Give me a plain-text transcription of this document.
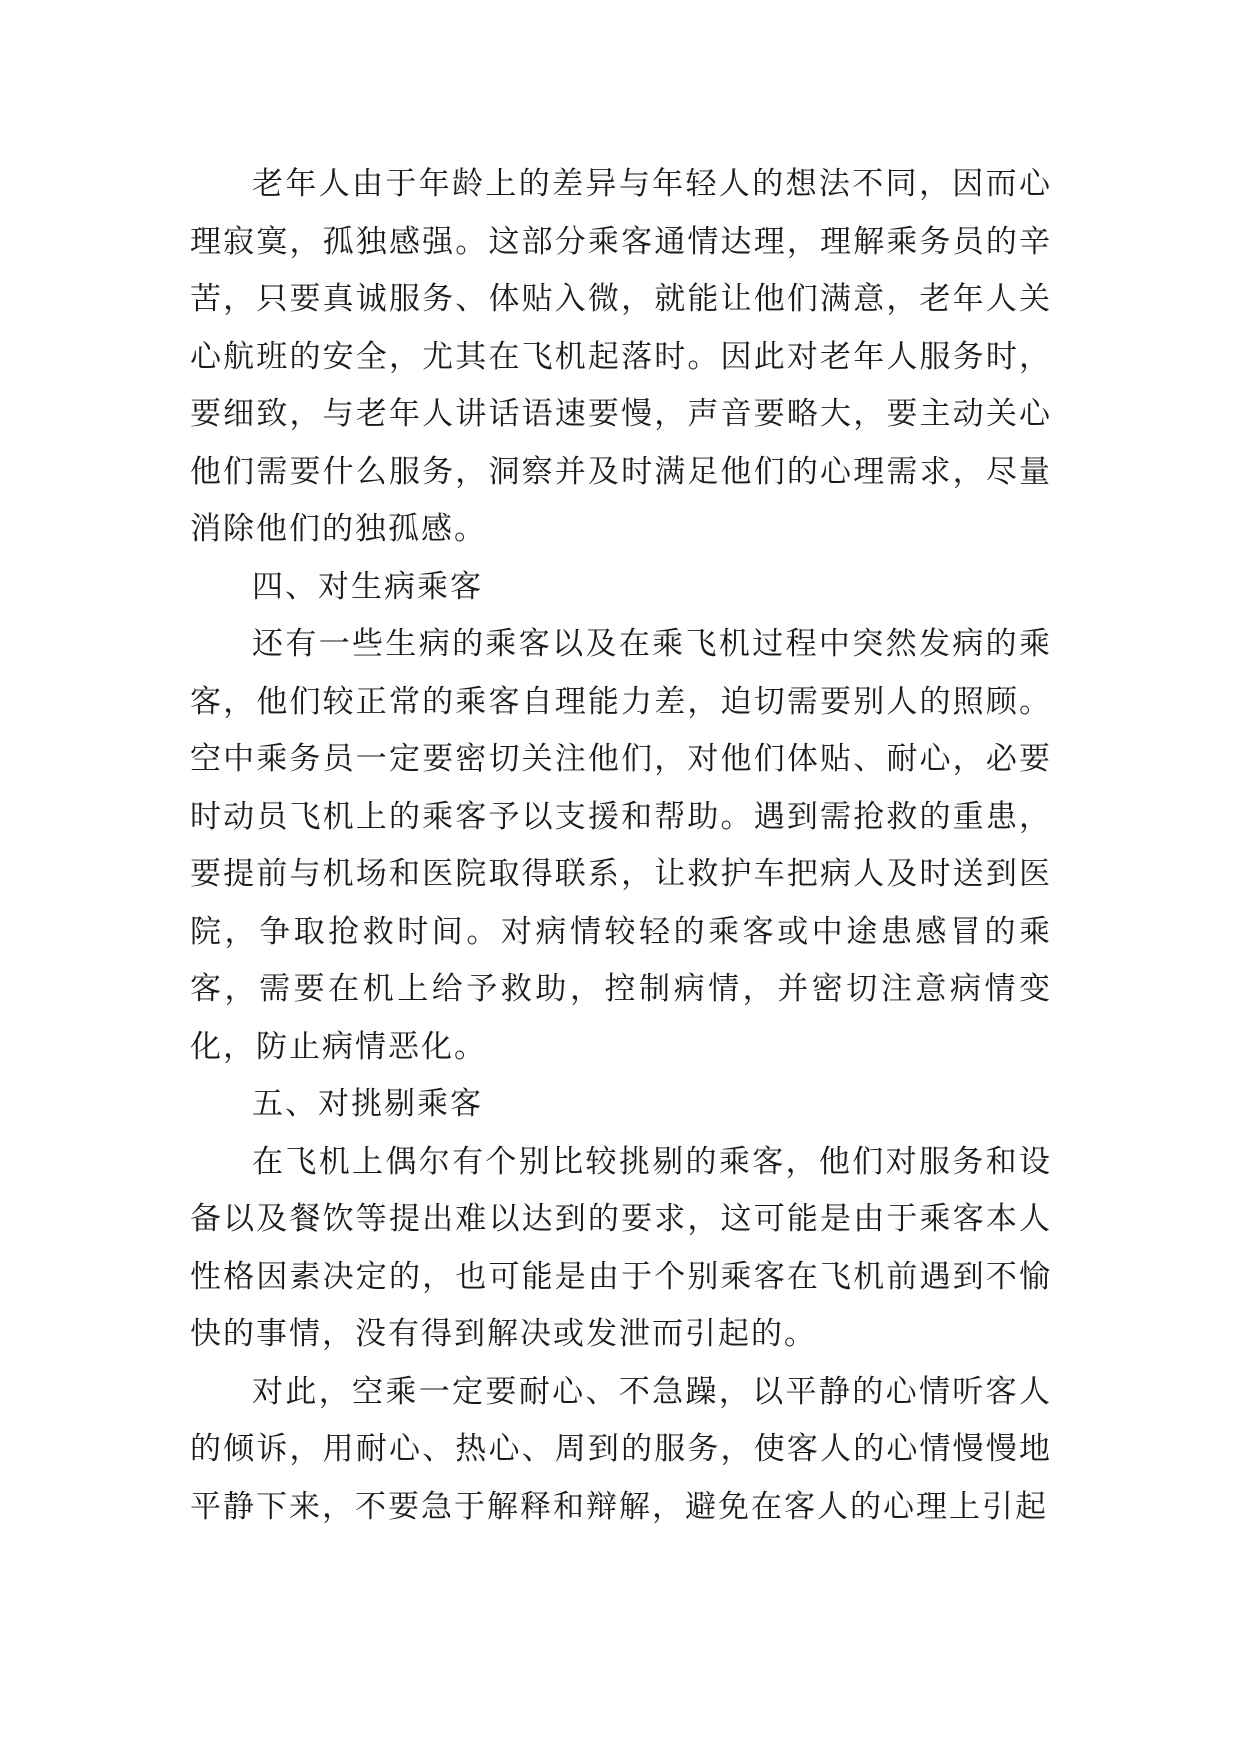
老年人由于年龄上的差异与年轻人的想法不同，因而心理寂寞，孤独感强。这部分乘客通情达理，理解乘务员的辛苦，只要真诚服务、体贴入微，就能让他们满意，老年人关心航班的安全，尤其在飞机起落时。因此对老年人服务时，要细致，与老年人讲话语速要慢，声音要略大，要主动关心他们需要什么服务，洞察并及时满足他们的心理需求，尽量消除他们的独孤感。

四、对生病乘客

还有一些生病的乘客以及在乘飞机过程中突然发病的乘客，他们较正常的乘客自理能力差，迫切需要别人的照顾。空中乘务员一定要密切关注他们，对他们体贴、耐心，必要时动员飞机上的乘客予以支援和帮助。遇到需抢救的重患，要提前与机场和医院取得联系，让救护车把病人及时送到医院，争取抢救时间。对病情较轻的乘客或中途患感冒的乘客，需要在机上给予救助，控制病情，并密切注意病情变化，防止病情恶化。

五、对挑剔乘客

在飞机上偶尔有个别比较挑剔的乘客，他们对服务和设备以及餐饮等提出难以达到的要求，这可能是由于乘客本人性格因素决定的，也可能是由于个别乘客在飞机前遇到不愉快的事情，没有得到解决或发泄而引起的。

对此，空乘一定要耐心、不急躁，以平静的心情听客人的倾诉，用耐心、热心、周到的服务，使客人的心情慢慢地平静下来，不要急于解释和辩解，避免在客人的心理上引起
